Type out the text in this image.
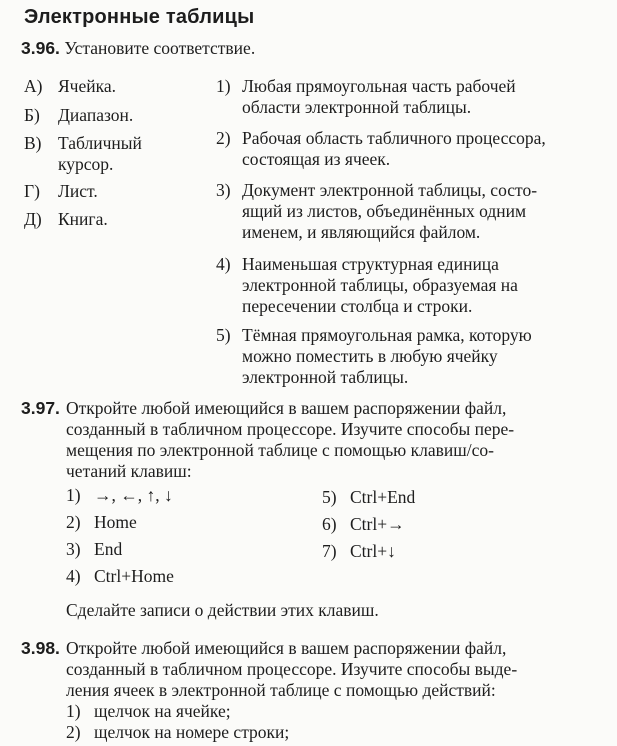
Электронные таблицы
3.96. Установите соответствие.
А) Ячейка.
Б) Диапазон.
В) Табличный
курсор.
Г) Лист.
Д) Книга.
1) Любая прямоугольная часть рабочей
области электронной таблицы.
2) Рабочая область табличного процессора,
состоящая из ячеек.
3) Документ электронной таблицы, состо-
ящий из листов, объединённых одним
именем, и являющийся файлом.
4) Наименьшая структурная единица
электронной таблицы, образуемая на
пересечении столбца и строки.
5) Тёмная прямоугольная рамка, которую
можно поместить в любую ячейку
электронной таблицы.
3.97. Откройте любой имеющийся в вашем распоряжении файл,
созданный в табличном процессоре. Изучите способы пере-
мещения по электронной таблице с помощью клавиш/со-
четаний клавиш:
1) →, ←, ↑, ↓
2) Home
3) End
4) Ctrl+Home
5) Ctrl+End
6) Ctrl+→
7) Ctrl+↓
Сделайте записи о действии этих клавиш.
3.98. Откройте любой имеющийся в вашем распоряжении файл,
созданный в табличном процессоре. Изучите способы выде-
ления ячеек в электронной таблице с помощью действий:
1) щелчок на ячейке;
2) щелчок на номере строки;
